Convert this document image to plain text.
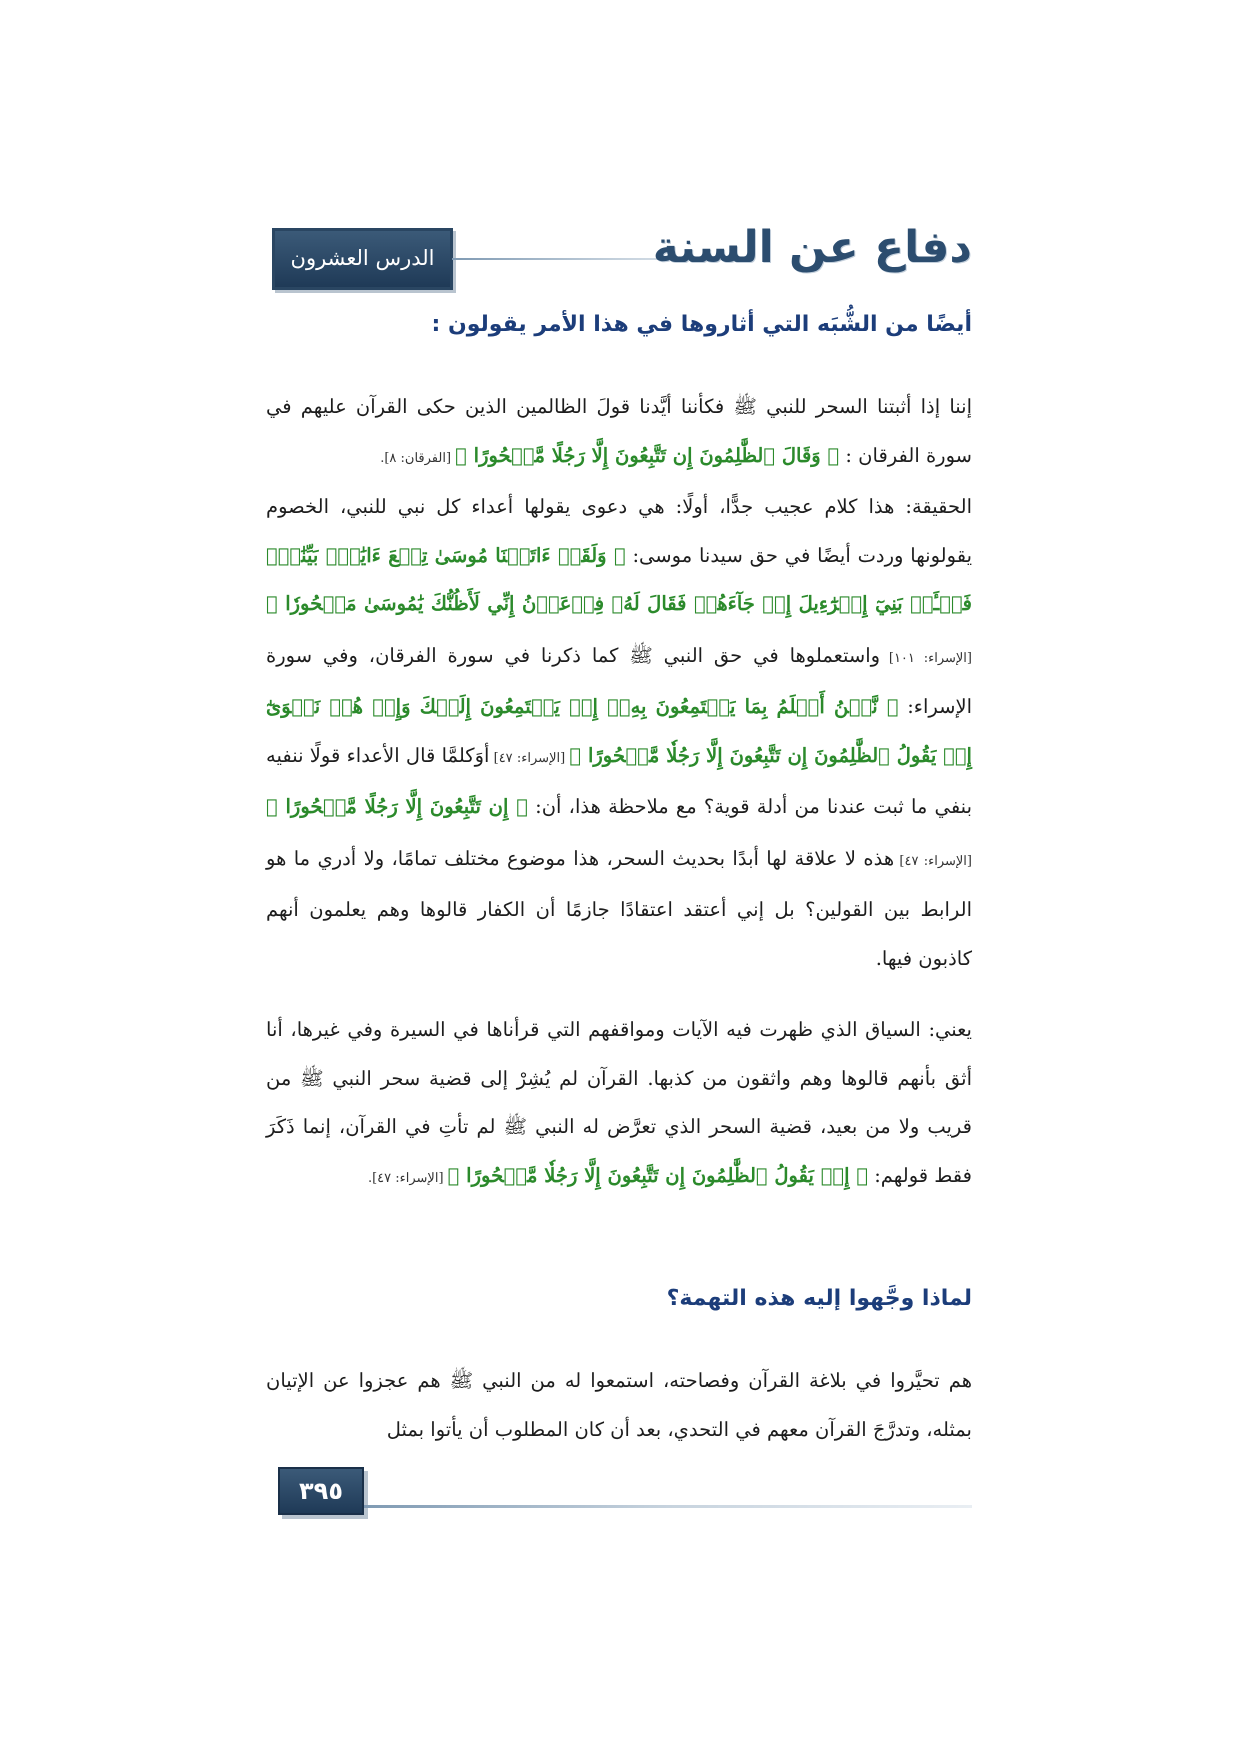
الدرس العشرون	دفاع عن السنة
أيضًا من الشُّبَه التي أثاروها في هذا الأمر يقولون :
إننا إذا أثبتنا السحر للنبي ﷺ فكأننا أيَّدنا قولَ الظالمين الذين حكى القرآن عليهم في سورة الفرقان : ﴿ وَقَالَ ٱلظَّٰلِمُونَ إِن تَتَّبِعُونَ إِلَّا رَجُلًا مَّسۡحُورًا ﴾ [الفرقان: ٨].
الحقيقة: هذا كلام عجيب جدًّا، أولًا: هي دعوى يقولها أعداء كل نبي للنبي، الخصوم يقولونها وردت أيضًا في حق سيدنا موسى: ﴿ وَلَقَدۡ ءَاتَيۡنَا مُوسَىٰ تِسۡعَ ءَايَٰتِۭ بَيِّنَٰتٖۖ فَسۡـَٔلۡ بَنِيٓ إِسۡرَٰٓءِيلَ إِذۡ جَآءَهُمۡ فَقَالَ لَهُۥ فِرۡعَوۡنُ إِنِّي لَأَظُنُّكَ يَٰمُوسَىٰ مَسۡحُورٗا ﴾ [الإسراء: ١٠١] واستعملوها في حق النبي ﷺ كما ذكرنا في سورة الفرقان، وفي سورة الإسراء: ﴿ نَّحۡنُ أَعۡلَمُ بِمَا يَسۡتَمِعُونَ بِهِۦٓ إِذۡ يَسۡتَمِعُونَ إِلَيۡكَ وَإِذۡ هُمۡ نَجۡوَىٰٓ إِذۡ يَقُولُ ٱلظَّٰلِمُونَ إِن تَتَّبِعُونَ إِلَّا رَجُلٗا مَّسۡحُورًا ﴾ [الإسراء: ٤٧] أوَكلمَّا قال الأعداء قولًا ننفيه بنفي ما ثبت عندنا من أدلة قوية؟ مع ملاحظة هذا، أن: ﴿ إِن تَتَّبِعُونَ إِلَّا رَجُلًا مَّسۡحُورًا ﴾ [الإسراء: ٤٧] هذه لا علاقة لها أبدًا بحديث السحر، هذا موضوع مختلف تمامًا، ولا أدري ما هو الرابط بين القولين؟ بل إني أعتقد اعتقادًا جازمًا أن الكفار قالوها وهم يعلمون أنهم كاذبون فيها.
يعني: السياق الذي ظهرت فيه الآيات ومواقفهم التي قرأناها في السيرة وفي غيرها، أنا أثق بأنهم قالوها وهم واثقون من كذبها. القرآن لم يُشِرْ إلى قضية سحر النبي ﷺ من قريب ولا من بعيد، قضية السحر الذي تعرَّض له النبي ﷺ لم تأتِ في القرآن، إنما ذَكَرَ فقط قولهم: ﴿ إِذۡ يَقُولُ ٱلظَّٰلِمُونَ إِن تَتَّبِعُونَ إِلَّا رَجُلٗا مَّسۡحُورًا ﴾ [الإسراء: ٤٧].
لماذا وجَّهوا إليه هذه التهمة؟
هم تحيَّروا في بلاغة القرآن وفصاحته، استمعوا له من النبي ﷺ هم عجزوا عن الإتيان بمثله، وتدرَّجَ القرآن معهم في التحدي، بعد أن كان المطلوب أن يأتوا بمثل
٣٩٥
